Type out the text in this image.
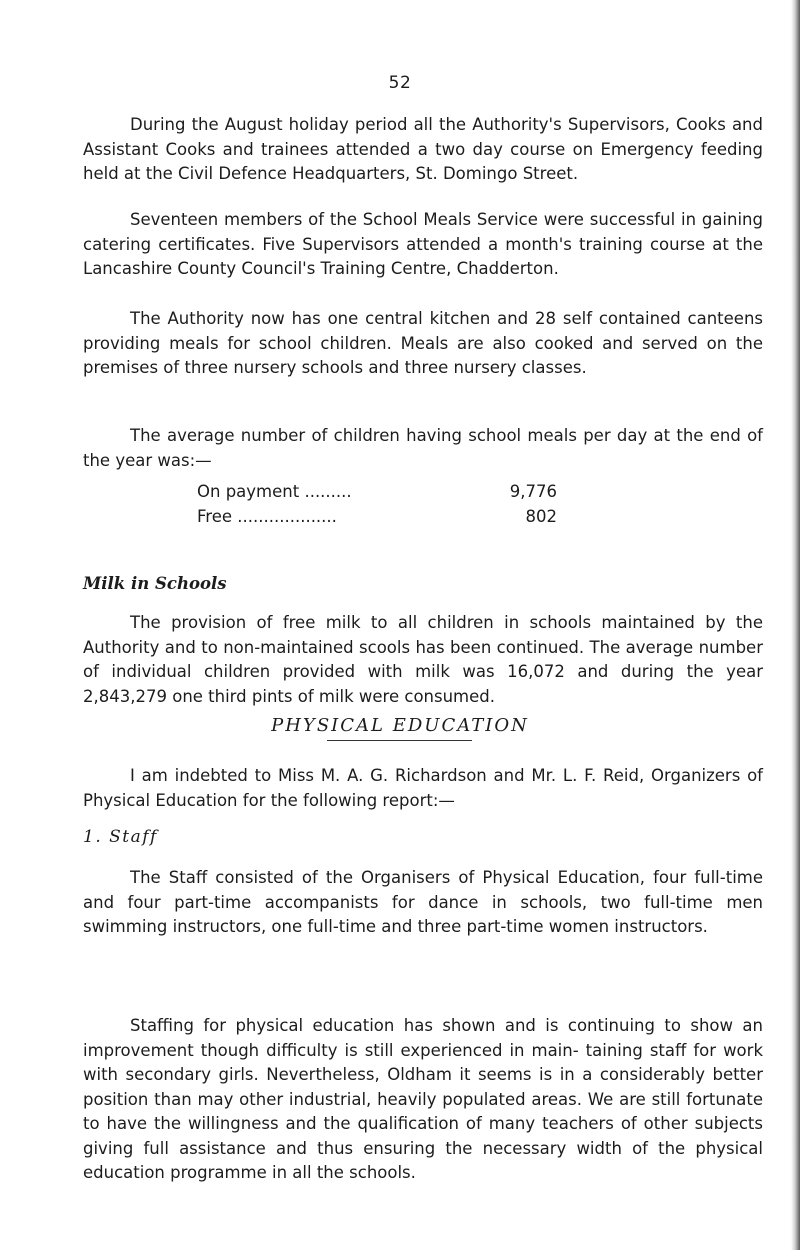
52

During the August holiday period all the Authority's Supervisors, Cooks and Assistant Cooks and trainees attended a two day course on Emergency feeding held at the Civil Defence Headquarters, St. Domingo Street.

Seventeen members of the School Meals Service were successful in gaining catering certificates. Five Supervisors attended a month's training course at the Lancashire County Council's Training Centre, Chadderton.

The Authority now has one central kitchen and 28 self contained canteens providing meals for school children. Meals are also cooked and served on the premises of three nursery schools and three nursery classes.

The average number of children having school meals per day at the end of the year was:—

On payment .........	9,776
Free ...................	802
Milk in Schools

The provision of free milk to all children in schools maintained by the Authority and to non-maintained scools has been continued. The average number of individual children provided with milk was 16,072 and during the year 2,843,279 one third pints of milk were consumed.

PHYSICAL EDUCATION

I am indebted to Miss M. A. G. Richardson and Mr. L. F. Reid, Organizers of Physical Education for the following report:—

1. Staff

The Staff consisted of the Organisers of Physical Education, four full-time and four part-time accompanists for dance in schools, two full-time men swimming instructors, one full-time and three part-time women instructors.

Staffing for physical education has shown and is continuing to show an improvement though difficulty is still experienced in main- taining staff for work with secondary girls. Nevertheless, Oldham it seems is in a considerably better position than may other industrial, heavily populated areas. We are still fortunate to have the willingness and the qualification of many teachers of other subjects giving full assistance and thus ensuring the necessary width of the physical education programme in all the schools.
